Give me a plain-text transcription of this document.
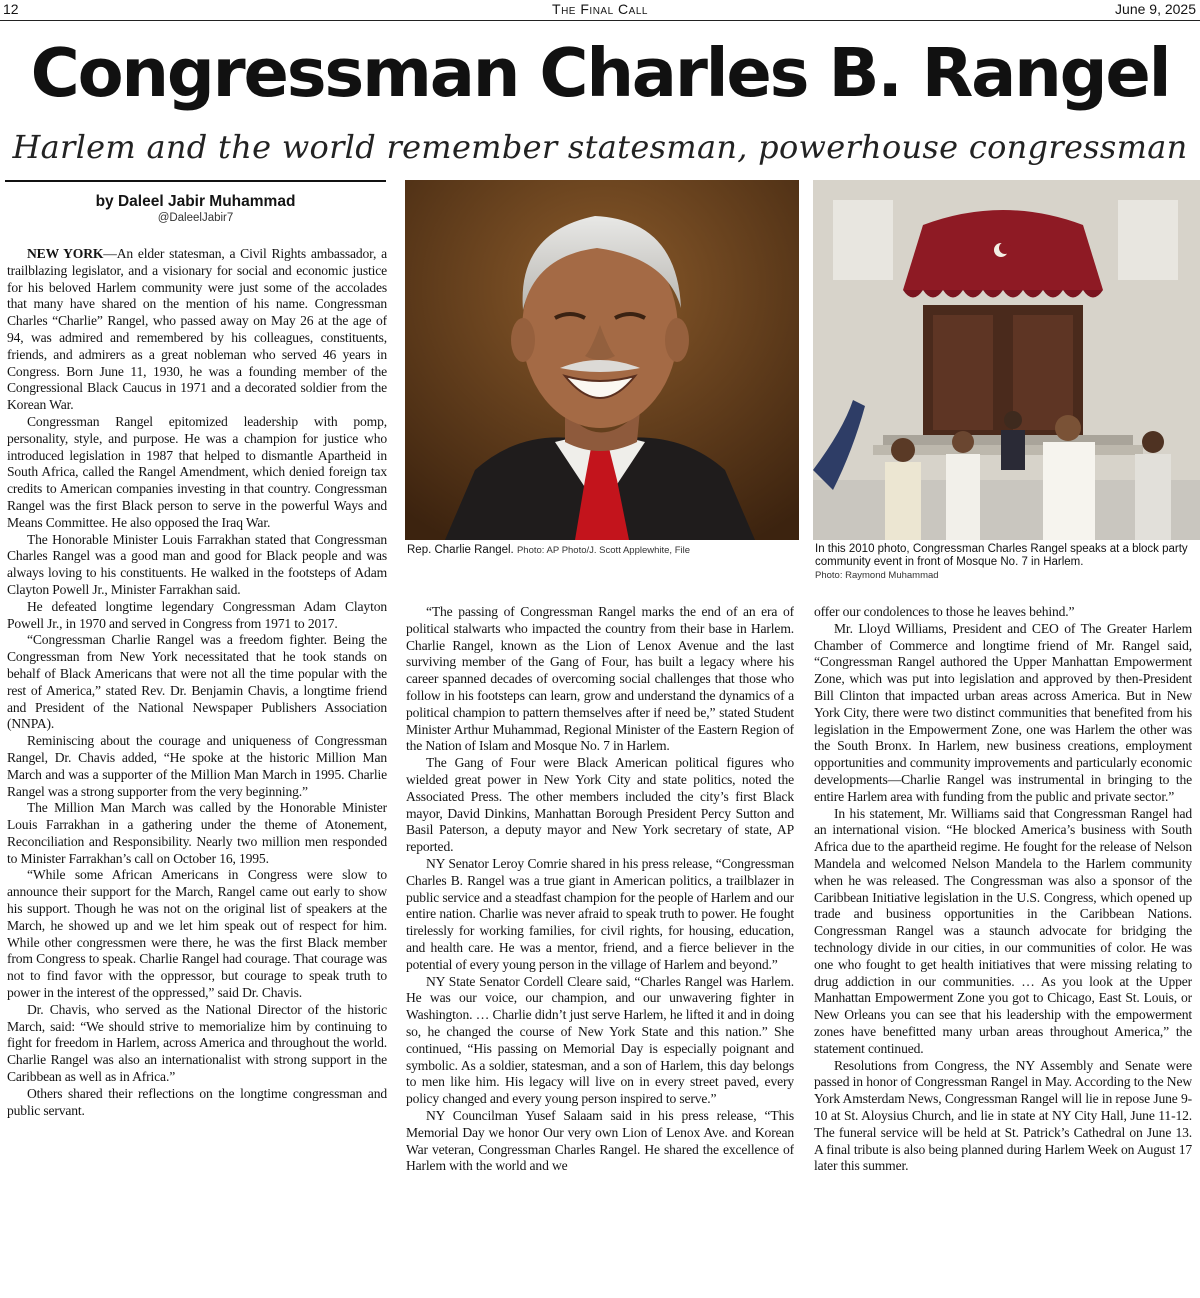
12	The Final Call	June 9, 2025
Congressman Charles B. Rangel
Harlem and the world remember statesman, powerhouse congressman
by Daleel Jabir Muhammad
@DaleelJabir7

NEW YORK—An elder statesman, a Civil Rights ambassador, a trailblazing legislator, and a visionary for social and economic justice for his beloved Harlem community were just some of the accolades that many have shared on the mention of his name. Congressman Charles “Charlie” Rangel, who passed away on May 26 at the age of 94, was admired and remembered by his colleagues, constituents, friends, and admirers as a great nobleman who served 46 years in Congress. Born June 11, 1930, he was a founding member of the Congressional Black Caucus in 1971 and a decorated soldier from the Korean War.

Congressman Rangel epitomized leadership with pomp, personality, style, and purpose. He was a champion for justice who introduced legislation in 1987 that helped to dismantle Apartheid in South Africa, called the Rangel Amendment, which denied foreign tax credits to American companies investing in that country. Congressman Rangel was the first Black person to serve in the powerful Ways and Means Committee. He also opposed the Iraq War.

The Honorable Minister Louis Farrakhan stated that Congressman Charles Rangel was a good man and good for Black people and was always loving to his constituents. He walked in the footsteps of Adam Clayton Powell Jr., Minister Farrakhan said.

He defeated longtime legendary Congressman Adam Clayton Powell Jr., in 1970 and served in Congress from 1971 to 2017.

“Congressman Charlie Rangel was a freedom fighter. Being the Congressman from New York necessitated that he took stands on behalf of Black Americans that were not all the time popular with the rest of America,” stated Rev. Dr. Benjamin Chavis, a longtime friend and President of the National Newspaper Publishers Association (NNPA).

Reminiscing about the courage and uniqueness of Congressman Rangel, Dr. Chavis added, “He spoke at the historic Million Man March and was a supporter of the Million Man March in 1995. Charlie Rangel was a strong supporter from the very beginning.”

The Million Man March was called by the Honorable Minister Louis Farrakhan in a gathering under the theme of Atonement, Reconciliation and Responsibility. Nearly two million men responded to Minister Farrakhan’s call on October 16, 1995.

“While some African Americans in Congress were slow to announce their support for the March, Rangel came out early to show his support. Though he was not on the original list of speakers at the March, he showed up and we let him speak out of respect for him. While other congressmen were there, he was the first Black member from Congress to speak. Charlie Rangel had courage. That courage was not to find favor with the oppressor, but courage to speak truth to power in the interest of the oppressed,” said Dr. Chavis.

Dr. Chavis, who served as the National Director of the historic March, said: “We should strive to memorialize him by continuing to fight for freedom in Harlem, across America and throughout the world. Charlie Rangel was also an internationalist with strong support in the Caribbean as well as in Africa.”

Others shared their reflections on the longtime congressman and public servant.

Rep. Charlie Rangel. Photo: AP Photo/J. Scott Applewhite, File	In this 2010 photo, Congressman Charles Rangel speaks at a block party community event in front of Mosque No. 7 in Harlem.
Photo: Raymond Muhammad

“The passing of Congressman Rangel marks the end of an era of political stalwarts who impacted the country from their base in Harlem. Charlie Rangel, known as the Lion of Lenox Avenue and the last surviving member of the Gang of Four, has built a legacy where his career spanned decades of overcoming social challenges that those who follow in his footsteps can learn, grow and understand the dynamics of a political champion to pattern themselves after if need be,” stated Student Minister Arthur Muhammad, Regional Minister of the Eastern Region of the Nation of Islam and Mosque No. 7 in Harlem.

The Gang of Four were Black American political figures who wielded great power in New York City and state politics, noted the Associated Press. The other members included the city’s first Black mayor, David Dinkins, Manhattan Borough President Percy Sutton and Basil Paterson, a deputy mayor and New York secretary of state, AP reported.

NY Senator Leroy Comrie shared in his press release, “Congressman Charles B. Rangel was a true giant in American politics, a trailblazer in public service and a steadfast champion for the people of Harlem and our entire nation. Charlie was never afraid to speak truth to power. He fought tirelessly for working families, for civil rights, for housing, education, and health care. He was a mentor, friend, and a fierce believer in the potential of every young person in the village of Harlem and beyond.”

NY State Senator Cordell Cleare said, “Charles Rangel was Harlem. He was our voice, our champion, and our unwavering fighter in Washington. … Charlie didn’t just serve Harlem, he lifted it and in doing so, he changed the course of New York State and this nation.” She continued, “His passing on Memorial Day is especially poignant and symbolic. As a soldier, statesman, and a son of Harlem, this day belongs to men like him. His legacy will live on in every street paved, every policy changed and every young person inspired to serve.”

NY Councilman Yusef Salaam said in his press release, “This Memorial Day we honor Our very own Lion of Lenox Ave. and Korean War veteran, Congressman Charles Rangel. He shared the excellence of Harlem with the world and we

offer our condolences to those he leaves behind.”

Mr. Lloyd Williams, President and CEO of The Greater Harlem Chamber of Commerce and longtime friend of Mr. Rangel said, “Congressman Rangel authored the Upper Manhattan Empowerment Zone, which was put into legislation and approved by then-President Bill Clinton that impacted urban areas across America. But in New York City, there were two distinct communities that benefited from his legislation in the Empowerment Zone, one was Harlem the other was the South Bronx. In Harlem, new business creations, employment opportunities and community improvements and particularly economic developments—Charlie Rangel was instrumental in bringing to the entire Harlem area with funding from the public and private sector.”

In his statement, Mr. Williams said that Congressman Rangel had an international vision. “He blocked America’s business with South Africa due to the apartheid regime. He fought for the release of Nelson Mandela and welcomed Nelson Mandela to the Harlem community when he was released. The Congressman was also a sponsor of the Caribbean Initiative legislation in the U.S. Congress, which opened up trade and business opportunities in the Caribbean Nations. Congressman Rangel was a staunch advocate for bridging the technology divide in our cities, in our communities of color. He was one who fought to get health initiatives that were missing relating to drug addiction in our communities. … As you look at the Upper Manhattan Empowerment Zone you got to Chicago, East St. Louis, or New Orleans you can see that his leadership with the empowerment zones have benefitted many urban areas throughout America,” the statement continued.

Resolutions from Congress, the NY Assembly and Senate were passed in honor of Congressman Rangel in May. According to the New York Amsterdam News, Congressman Rangel will lie in repose June 9-10 at St. Aloysius Church, and lie in state at NY City Hall, June 11-12. The funeral service will be held at St. Patrick’s Cathedral on June 13. A final tribute is also being planned during Harlem Week on August 17 later this summer.
